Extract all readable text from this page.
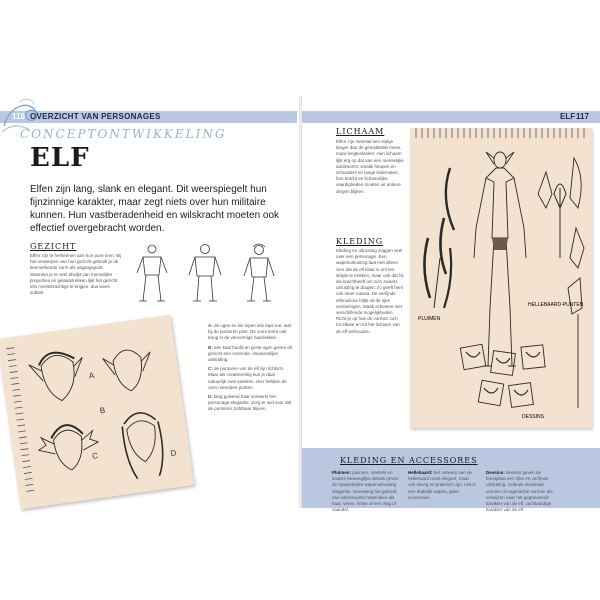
116 OVERZICHT VAN PERSONAGES	ELF 117
CONCEPTONTWIKKELING
ELF
Elfen zijn lang, slank en elegant. Dit weerspiegelt hun fijnzinnige karakter, maar zegt niets over hun militaire kunnen. Hun vastberadenheid en wilskracht moeten ook effectief overgebracht worden.
GEZICHT
Elfen zijn te herkennen aan hun punt-oren. Bij het ontwerpen van hun gezicht gebruik je de kenmerkende vorm als uitgangspunt. Wanneer je te veel afwijkt van menselijke proporties en gelaatstrekken lijkt het gezicht iets monsterachtigs te krijgen, dus wees subtiel.
A
B
C	D

A: de ogen en kin lopen iets taps toe, wat bij de puntoren past. De vorm komt ook terug in de vervormige haarlokken.

B: een kaal hoofd en grote ogen geven dit gezicht een vreemde, onwezenlijke uitstraling.

C: de puntoren van de elf zijn lichtsch. Maar als creatieveling kun je daar natuurlijk mee variëren. Hier hebben de oren meerdere punten.

D: lang golvend haar versterkt het personage elegantie. Zorg er wel voor dat de puntoren zichtbaar blijven.

LICHAAM
Elfen zijn meestal een stukje langer dan de gemiddelde mens, maar lengteslanker. Hun lichaam lijkt erg op dat van een menselijke adolescent: smalle heupen en schouders en lange ledematen; hun kracht en lichamelijke vaardigheden moeten uit andere dingen blijken.
KLEDING
Kleding en uitrusting zeggen veel over een personage. Een wapenuitrusting laat met alleen zien dat de elf klaar is om ten strijde te trekken, maar ook dat hij als krachtheeft om zich zwaars uitrusting te dragen; zo geeft hem ook meer massa. De verfijnde elfenuiitour blijkt uit de rijke versieringen. Maak schetsen met verschillende mogelijkheden. Richt je op hoe de vormen zich tot elkaar en tot het lichaam van de elf verhouden.
PLUIMEN
HELLEBAARD-PUNTEN
DESSINS
KLEDING EN ACCESSORES
Pluimen: pluimen, mantels en andere beweeglijke details geven de rijvaardelijke wapenuitrusting elegantie. Overweeg het gebruik van interessante materialen als haar, veren, linten of een vlag of vaandel.
Hellebaard: het ontwerp van de hellebaard moet elegant, maar ook stevig en praktisch zijn. Het is een dodelijk wapen, geen accessoire.
Dessins: dessins geven de borstplaat een rijke en verfijnde uitstraling. Gebruik vloeiende vormen of organische vormen die verwijzen naar het gegraveerde karakter van de elf, zachtaardige karakter van de elf.
